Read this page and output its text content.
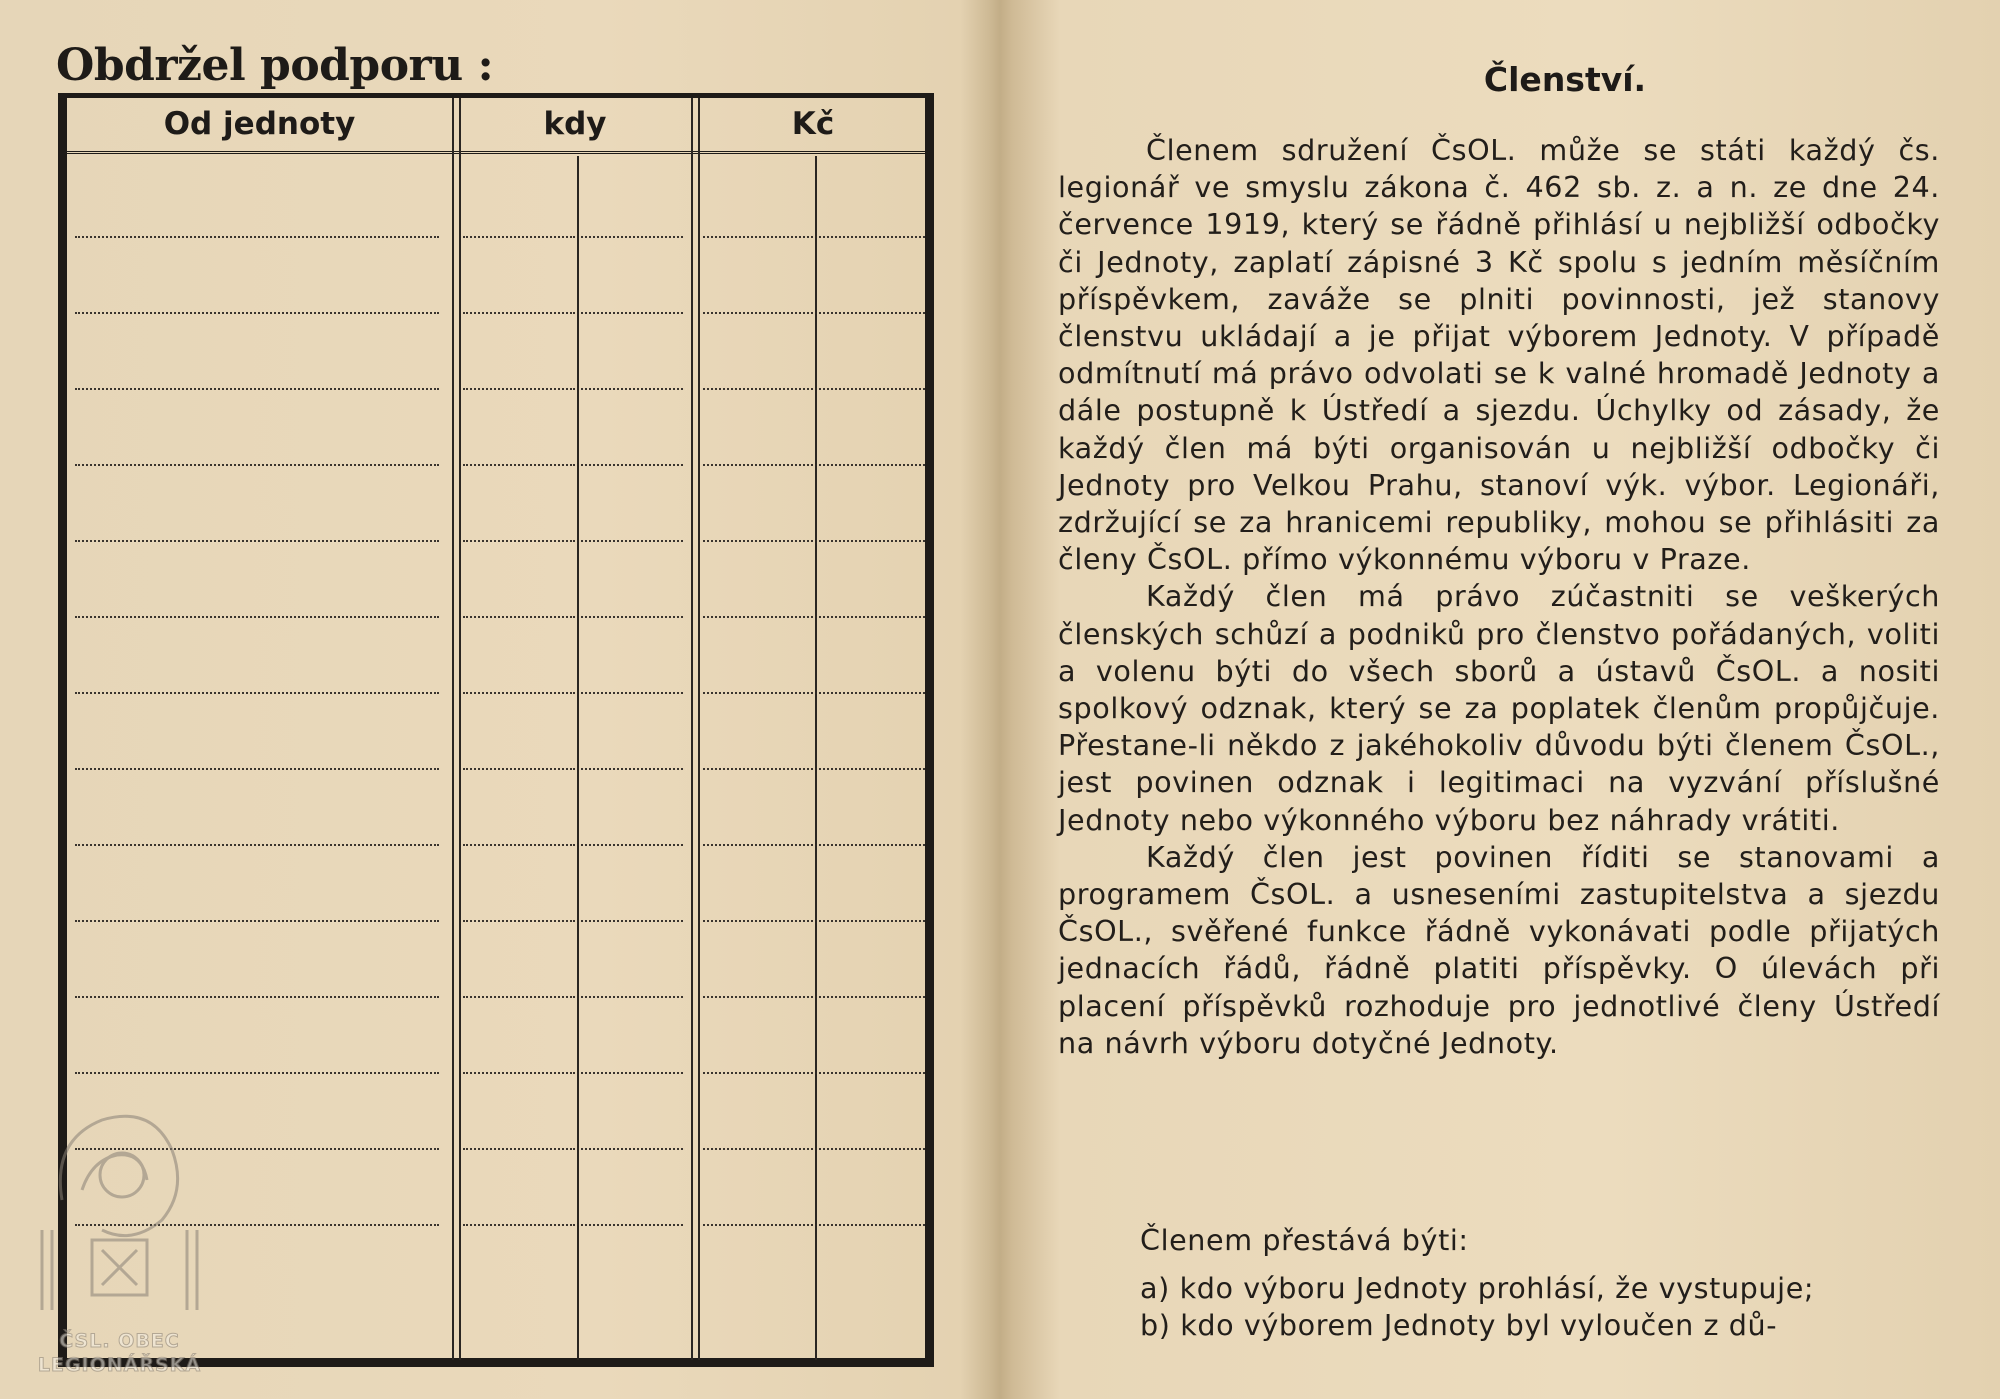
Obdržel podporu :
Od jednoty	kdy	Kč
ČSL. OBEC
LEGIONÁŘSKÁ
Členství.

Členem sdružení ČsOL. může se státi každý čs. legionář ve smyslu zákona č. 462 sb. z. a n. ze dne 24. července 1919, který se řádně přihlásí u nejbližší odbočky či Jednoty, zaplatí zápisné 3 Kč spolu s jedním měsíčním příspěvkem, zaváže se plniti povinnosti, jež stanovy členstvu ukládají a je přijat výborem Jednoty. V případě odmítnutí má právo odvolati se k valné hromadě Jednoty a dále postupně k Ústředí a sjezdu. Úchylky od zásady, že každý člen má býti organisován u nejbližší odbočky či Jednoty pro Velkou Prahu, stanoví výk. výbor. Legionáři, zdržující se za hranicemi republiky, mohou se přihlásiti za členy ČsOL. přímo výkonnému výboru v Praze.

Každý člen má právo zúčastniti se veškerých členských schůzí a podniků pro členstvo pořádaných, voliti a volenu býti do všech sborů a ústavů ČsOL. a nositi spolkový odznak, který se za poplatek členům propůjčuje. Přestane-li někdo z jakéhokoliv důvodu býti členem ČsOL., jest povinen odznak i legitimaci na vyzvání příslušné Jednoty nebo výkonného výboru bez náhrady vrátiti.

Každý člen jest povinen říditi se stanovami a programem ČsOL. a usneseními zastupitelstva a sjezdu ČsOL., svěřené funkce řádně vykonávati podle přijatých jednacích řádů, řádně platiti příspěvky. O úlevách při placení příspěvků rozhoduje pro jednotlivé členy Ústředí na návrh výboru dotyčné Jednoty.

Členem přestává býti:
a) kdo výboru Jednoty prohlásí, že vystupuje;
b) kdo výborem Jednoty byl vyloučen z dů-
